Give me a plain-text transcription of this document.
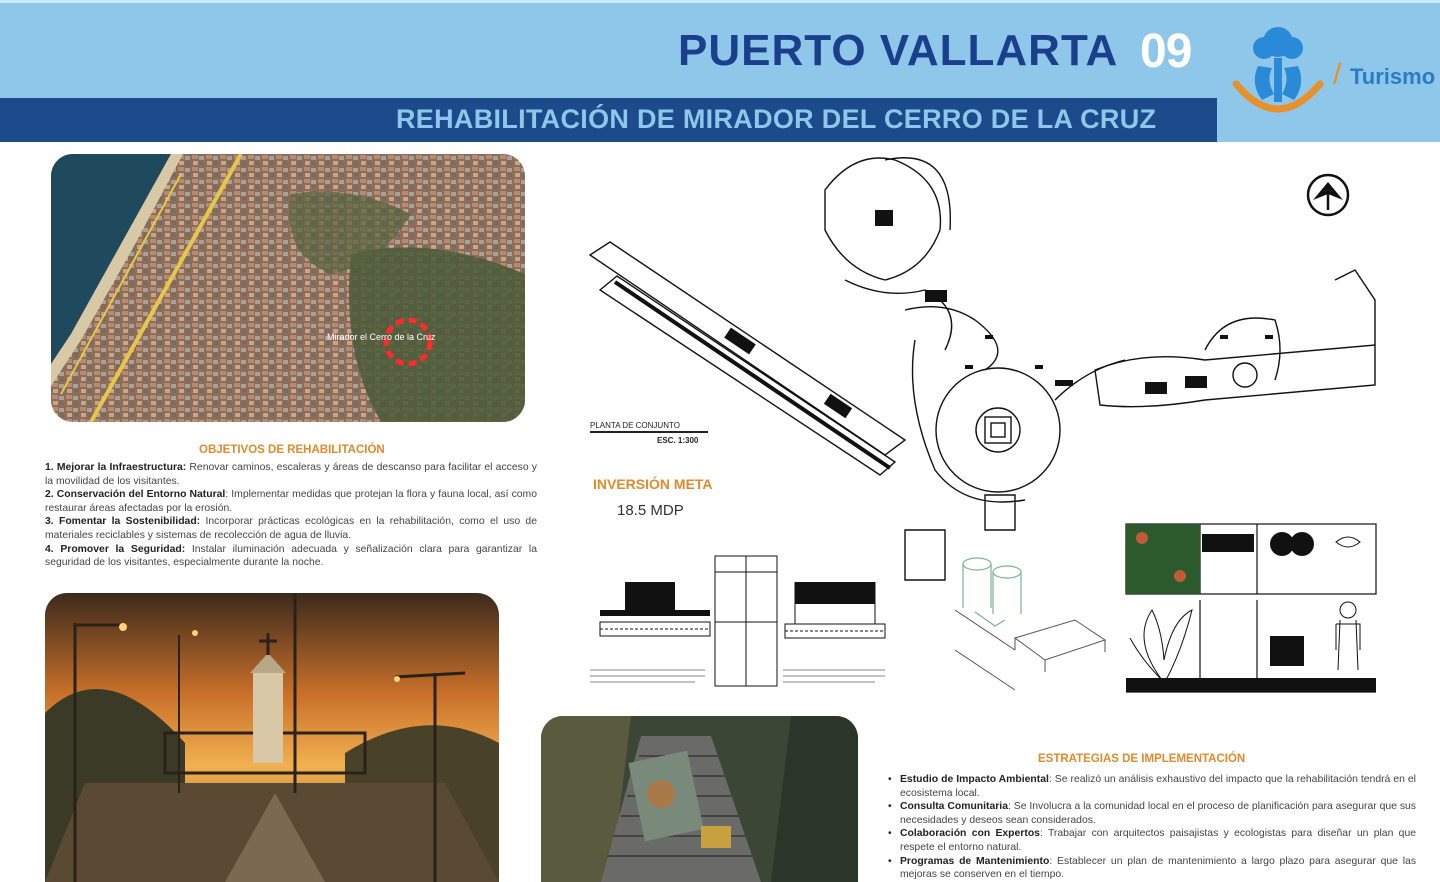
PUERTO VALLARTA 09
REHABILITACIÓN DE MIRADOR DEL CERRO DE LA CRUZ
/ Turismo
Mirador el Cerro de la Cruz
OBJETIVOS DE REHABILITACIÓN

1. Mejorar la Infraestructura: Renovar caminos, escaleras y áreas de descanso para facilitar el acceso y la movilidad de los visitantes.

2. Conservación del Entorno Natural: Implementar medidas que protejan la flora y fauna local, así como restaurar áreas afectadas por la erosión.

3. Fomentar la Sostenibilidad: Incorporar prácticas ecológicas en la rehabilitación, como el uso de materiales reciclables y sistemas de recolección de agua de lluvia.

4. Promover la Seguridad: Instalar iluminación adecuada y señalización clara para garantizar la seguridad de los visitantes, especialmente durante la noche.

PLANTA DE CONJUNTO
ESC. 1:300
INVERSIÓN META
18.5 MDP
ESTRATEGIAS DE IMPLEMENTACIÓN
• Estudio de Impacto Ambiental: Se realizó un análisis exhaustivo del impacto que la rehabilitación tendrá en el ecosistema local.
• Consulta Comunitaria: Se Involucra a la comunidad local en el proceso de planificación para asegurar que sus necesidades y deseos sean considerados.
• Colaboración con Expertos: Trabajar con arquitectos paisajistas y ecologistas para diseñar un plan que respete el entorno natural.
• Programas de Mantenimiento: Establecer un plan de mantenimiento a largo plazo para asegurar que las mejoras se conserven en el tiempo.
